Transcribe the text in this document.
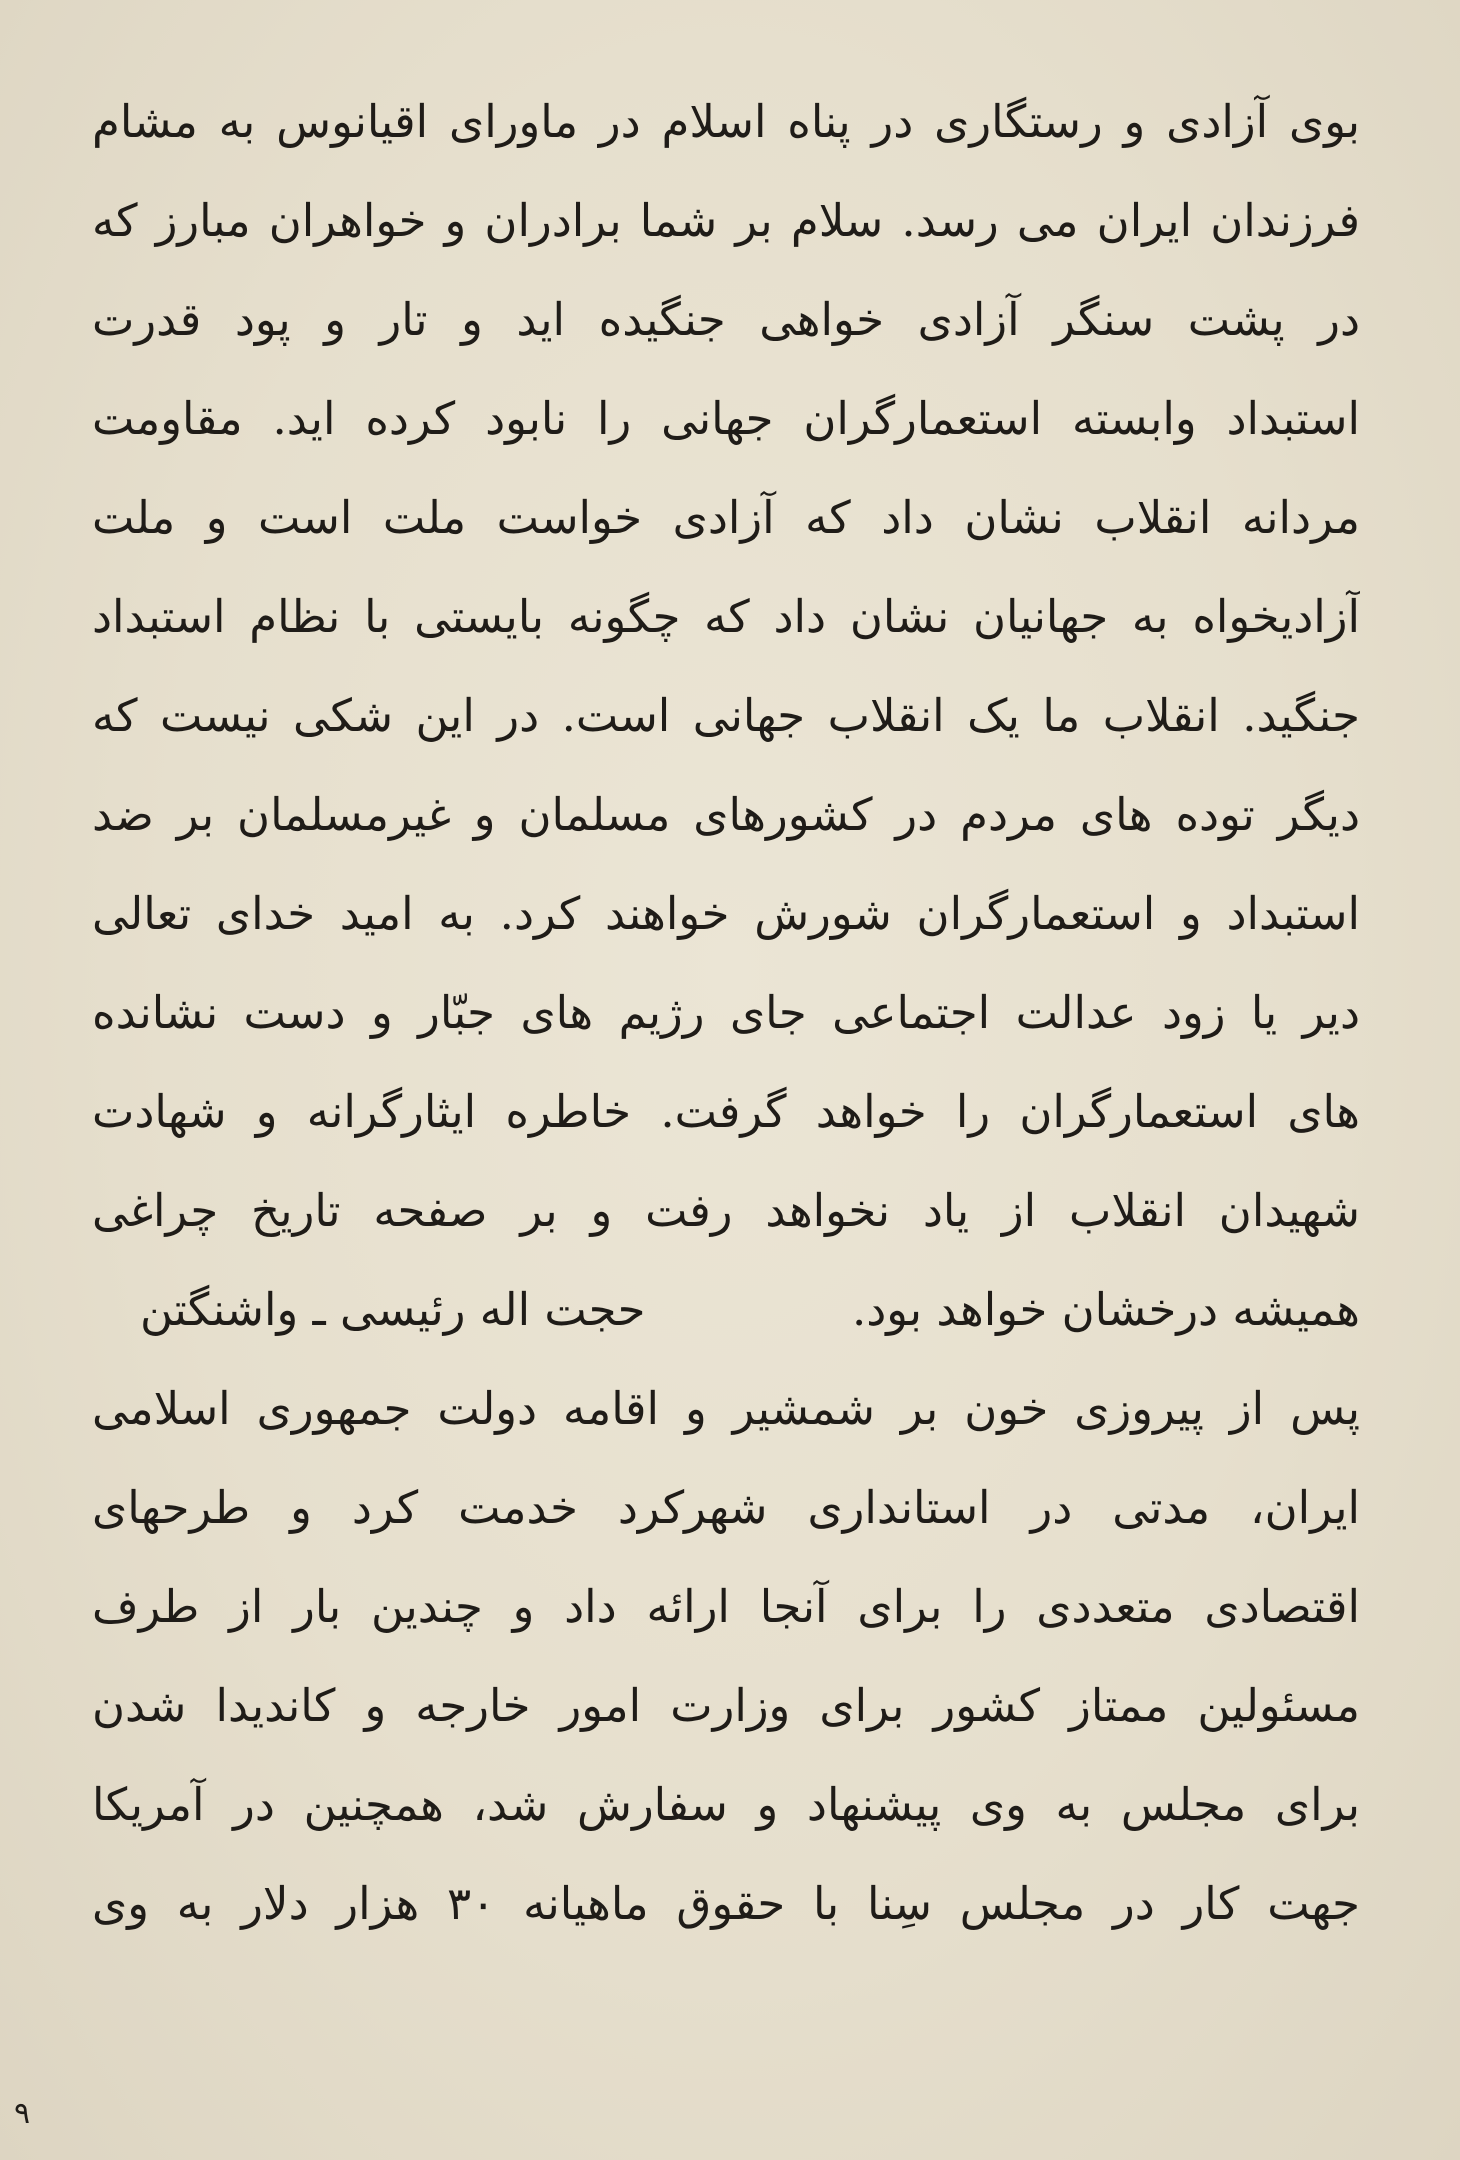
بوی آزادی و رستگاری در پناه اسلام در ماورای اقیانوس به مشام
فرزندان ایران می رسد. سلام بر شما برادران و خواهران مبارز که
در پشت سنگر آزادی خواهی جنگیده اید و تار و پود قدرت
استبداد وابسته استعمارگران جهانی را نابود کرده اید. مقاومت
مردانه انقلاب نشان داد که آزادی خواست ملت است و ملت
آزادیخواه به جهانیان نشان داد که چگونه بایستی با نظام استبداد
جنگید. انقلاب ما یک انقلاب جهانی است. در این شکی نیست که
دیگر توده های مردم در کشورهای مسلمان و غیرمسلمان بر ضد
استبداد و استعمارگران شورش خواهند کرد. به امید خدای تعالی
دیر یا زود عدالت اجتماعی جای رژیم های جبّار و دست نشانده
های استعمارگران را خواهد گرفت. خاطره ایثارگرانه و شهادت
شهیدان انقلاب از یاد نخواهد رفت و بر صفحه تاریخ چراغی
همیشه درخشان خواهد بود.
حجت اله رئیسی ـ واشنگتن
پس از پیروزی خون بر شمشیر و اقامه دولت جمهوری اسلامی
ایران، مدتی در استانداری شهرکرد خدمت کرد و طرحهای
اقتصادی متعددی را برای آنجا ارائه داد و چندین بار از طرف
مسئولین ممتاز کشور برای وزارت امور خارجه و کاندیدا شدن
برای مجلس به وی پیشنهاد و سفارش شد، همچنین در آمریکا
جهت کار در مجلس سِنا با حقوق ماهیانه ۳۰ هزار دلار به وی
۹
